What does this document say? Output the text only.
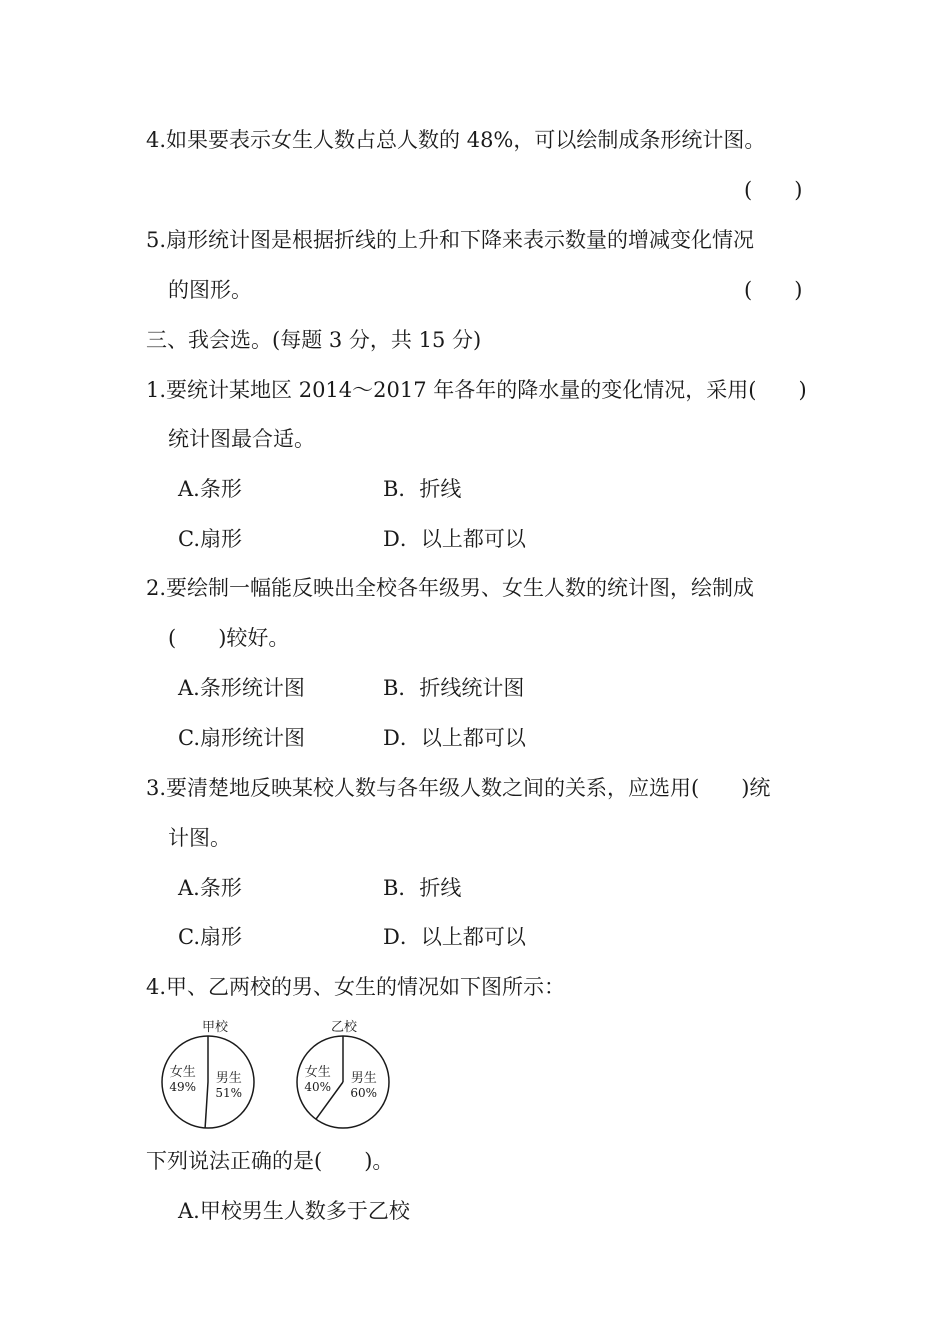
4.如果要表示女生人数占总人数的 48%，可以绘制成条形统计图。
(　　)
5.扇形统计图是根据折线的上升和下降来表示数量的增减变化情况
的图形。	(　　)
三、我会选。(每题 3 分，共 15 分)
1.要统计某地区 2014～2017 年各年的降水量的变化情况，采用(　　)
统计图最合适。
A.条形	B．折线
C.扇形	D．以上都可以
2.要绘制一幅能反映出全校各年级男、女生人数的统计图，绘制成
(　　)较好。
A.条形统计图	B．折线统计图
C.扇形统计图	D．以上都可以
3.要清楚地反映某校人数与各年级人数之间的关系，应选用(　　)统
计图。
A.条形	B．折线
C.扇形	D．以上都可以
4.甲、乙两校的男、女生的情况如下图所示：
甲校	乙校
女生
49%
男生
51%
女生
40%
男生
60%
下列说法正确的是(　　)。
A.甲校男生人数多于乙校
